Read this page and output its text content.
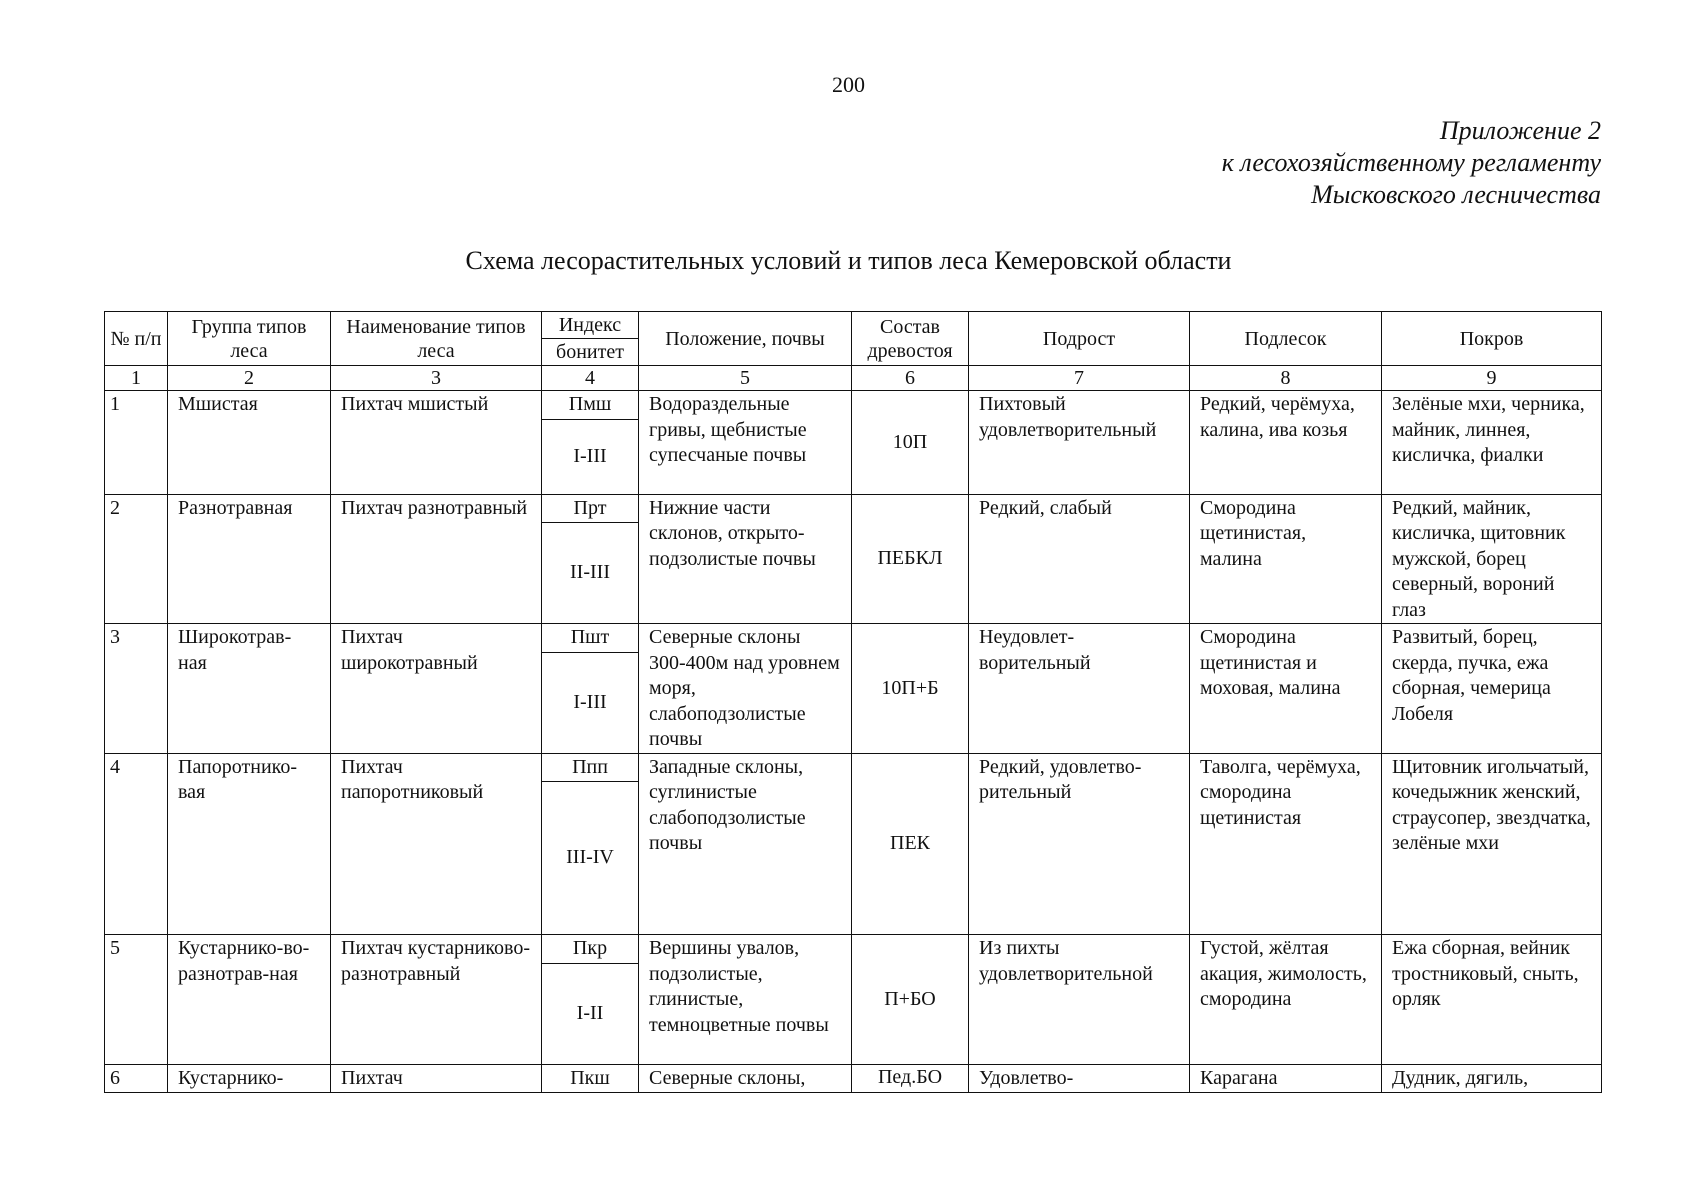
200
Приложение 2
к лесохозяйственному регламенту
Мысковского лесничества
Схема лесорастительных условий и типов леса Кемеровской области
№ п/п	Группа типов леса	Наименование типов леса	Индекс	Положение, почвы	Состав древостоя	Подрост	Подлесок	Покров
			бонитет					
1	2	3	4	5	6	7	8	9
1	Мшистая	Пихтач мшистый	Пмш	Водораздельные гривы, щебнистые супесчаные почвы	10П	Пихтовый удовлетворительный	Редкий, черёмуха, калина, ива козья	Зелёные мхи, черника, майник, линнея, кисличка, фиалки
			I-III					
2	Разнотравная	Пихтач разнотравный	Прт	Нижние части склонов, открыто-подзолистые почвы	ПЕБКЛ	Редкий, слабый	Смородина щетинистая, малина	Редкий, майник, кисличка, щитовник мужской, борец северный, вороний глаз
			II-III					
3	Широкотрав-ная	Пихтач широкотравный	Пшт	Северные склоны 300-400м над уровнем моря, слабоподзолистые почвы	10П+Б	Неудовлет-ворительный	Смородина щетинистая и моховая, малина	Развитый, борец, скерда, пучка, ежа сборная, чемерица Лобеля
			I-III					
4	Папоротнико-вая	Пихтач папоротниковый	Ппп	Западные склоны, суглинистые слабоподзолистые почвы	ПЕК	Редкий, удовлетво-рительный	Таволга, черёмуха, смородина щетинистая	Щитовник игольчатый, кочедыжник женский, страусопер, звездчатка, зелёные мхи
			III-IV					
5	Кустарнико-во-разнотрав-ная	Пихтач кустарниково-разнотравный	Пкр	Вершины увалов, подзолистые, глинистые, темноцветные почвы	П+БО	Из пихты удовлетворительной	Густой, жёлтая акация, жимолость, смородина	Ежа сборная, вейник тростниковый, сныть, орляк
			I-II					
6	Кустарнико-	Пихтач	Пкш	Северные склоны,	Пед.БО	Удовлетво-	Карагана	Дудник, дягиль,
